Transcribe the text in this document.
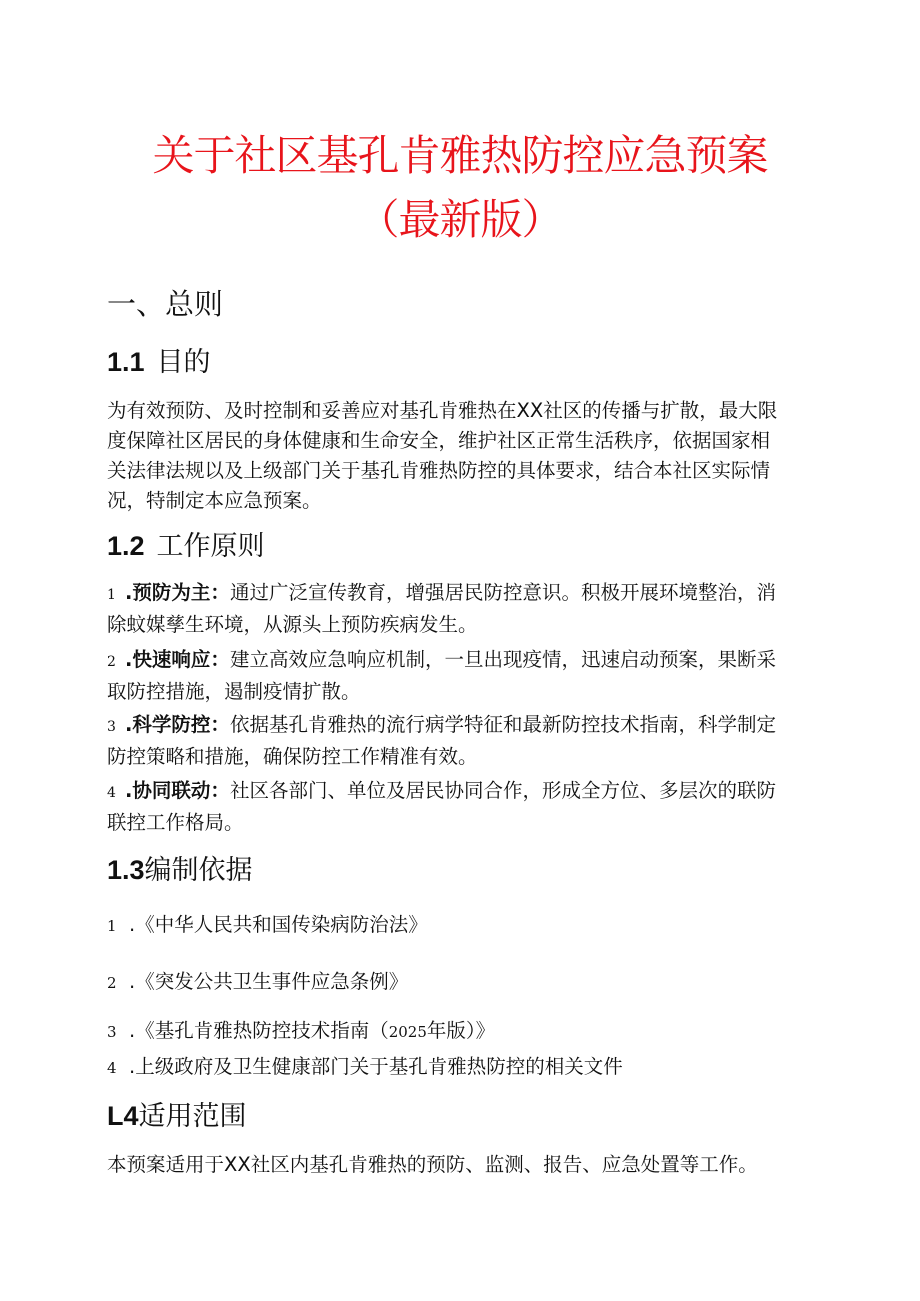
关于社区基孔肯雅热防控应急预案
（最新版）
一、总则
1.1 目的
为有效预防、及时控制和妥善应对基孔肯雅热在XX社区的传播与扩散，最大限
度保障社区居民的身体健康和生命安全，维护社区正常生活秩序，依据国家相
关法律法规以及上级部门关于基孔肯雅热防控的具体要求，结合本社区实际情
况，特制定本应急预案。
1.2 工作原则
1 .预防为主：通过广泛宣传教育，增强居民防控意识。积极开展环境整治，消
除蚊媒孳生环境，从源头上预防疾病发生。
2 .快速响应：建立高效应急响应机制，一旦出现疫情，迅速启动预案，果断采
取防控措施，遏制疫情扩散。
3 .科学防控：依据基孔肯雅热的流行病学特征和最新防控技术指南，科学制定
防控策略和措施，确保防控工作精准有效。
4 .协同联动：社区各部门、单位及居民协同合作，形成全方位、多层次的联防
联控工作格局。
1.3编制依据
1 .《中华人民共和国传染病防治法》
2 .《突发公共卫生事件应急条例》
3 .《基孔肯雅热防控技术指南（2025年版）》
4 .上级政府及卫生健康部门关于基孔肯雅热防控的相关文件
L4适用范围
本预案适用于XX社区内基孔肯雅热的预防、监测、报告、应急处置等工作。
